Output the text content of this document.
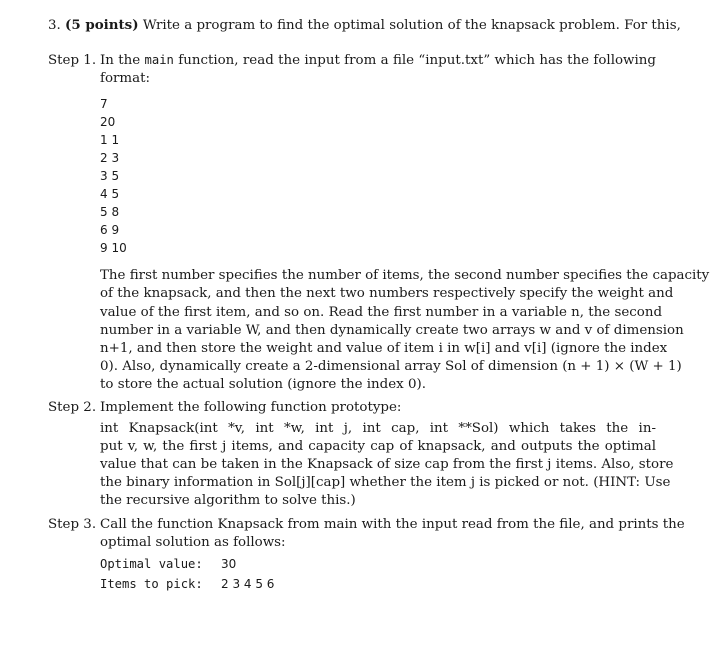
3. (5 points) Write a program to find the optimal solution of the knapsack problem. For this,
Step 1. In the main function, read the input from a file “input.txt” which has the following
format:
7
20
1 1
2 3
3 5
4 5
5 8
6 9
9 10
The first number specifies the number of items, the second number specifies the capacity
of the knapsack, and then the next two numbers respectively specify the weight and
value of the first item, and so on. Read the first number in a variable n, the second
number in a variable W, and then dynamically create two arrays w and v of dimension
n+1, and then store the weight and value of item i in w[i] and v[i] (ignore the index
0). Also, dynamically create a 2-dimensional array Sol of dimension (n + 1) × (W + 1)
to store the actual solution (ignore the index 0).
Step 2. Implement the following function prototype:
int Knapsack(int *v, int *w, int j, int cap, int **Sol) which takes the in-
put v, w, the first j items, and capacity cap of knapsack, and outputs the optimal
value that can be taken in the Knapsack of size cap from the first j items. Also, store
the binary information in Sol[j][cap] whether the item j is picked or not. (HINT: Use
the recursive algorithm to solve this.)
Step 3. Call the function Knapsack from main with the input read from the file, and prints the
optimal solution as follows:
Optimal value: 30
Items to pick: 2 3 4 5 6
